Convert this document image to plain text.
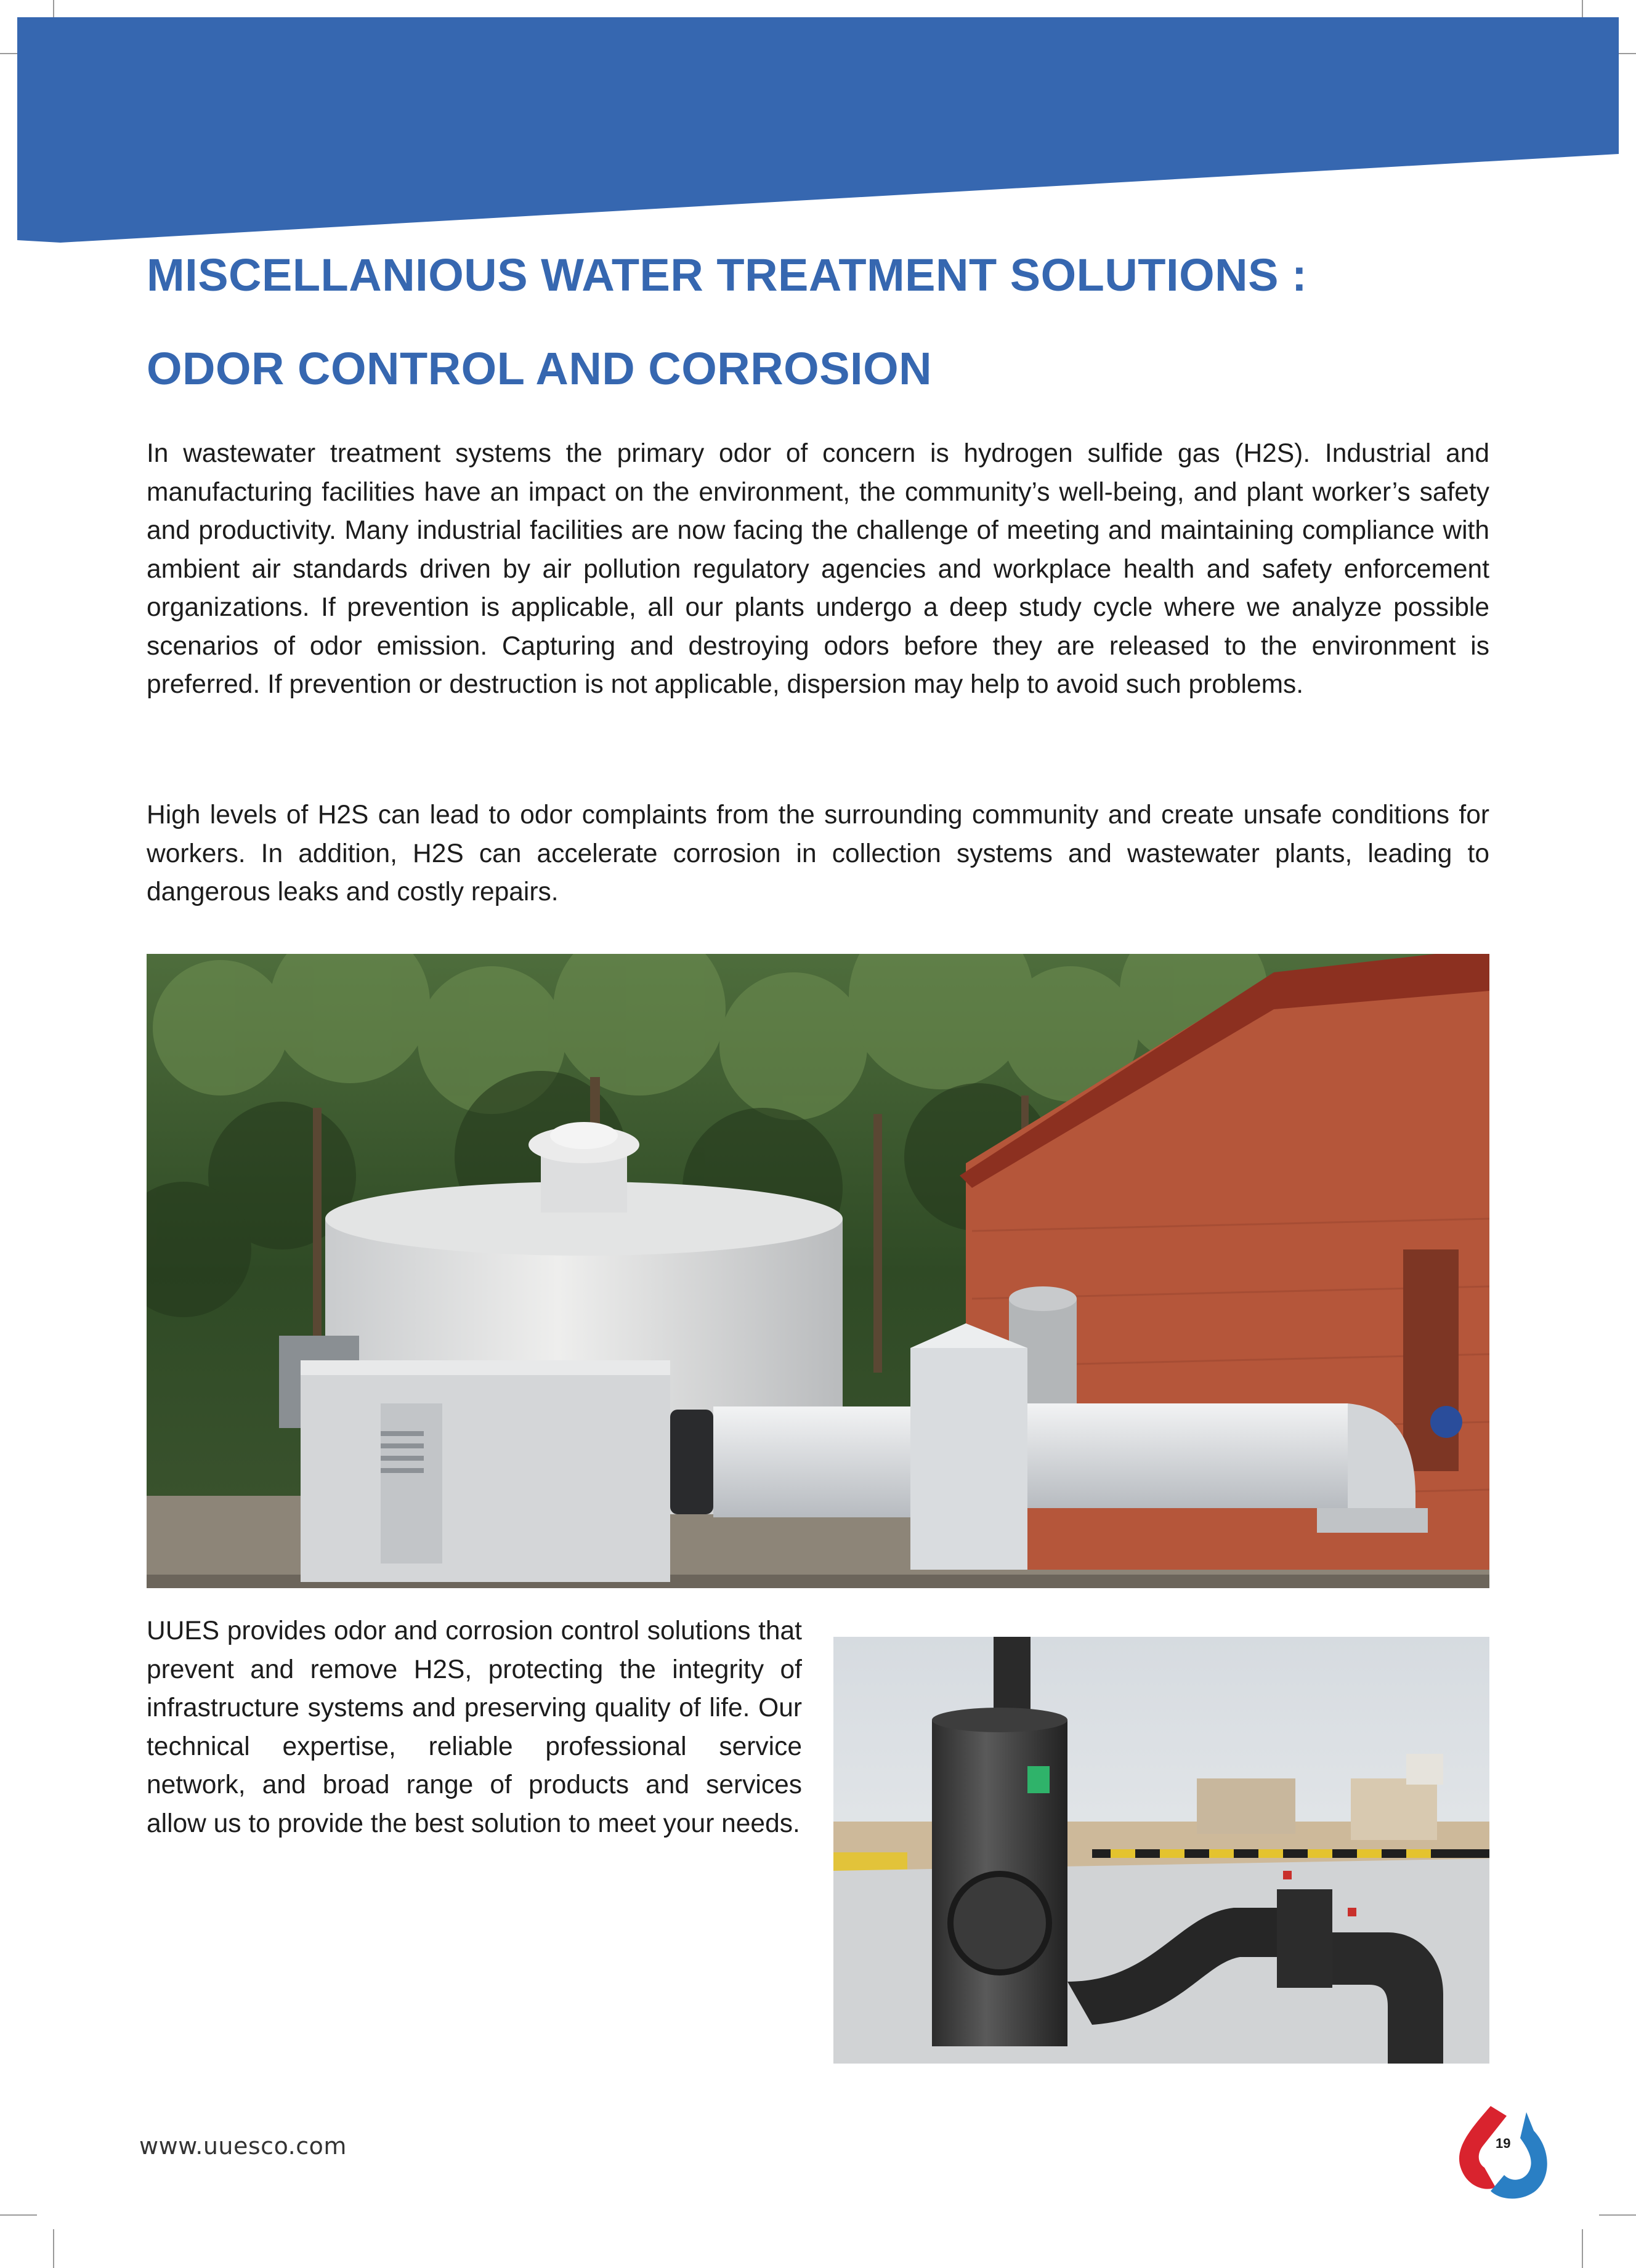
MISCELLANIOUS WATER TREATMENT SOLUTIONS :
ODOR CONTROL AND CORROSION

In wastewater treatment systems the primary odor of concern is hydrogen sulfide gas (H2S). Industrial and manufacturing facilities have an impact on the environment, the community’s well-being, and plant worker’s safety and productivity. Many industrial facilities are now facing the challenge of meeting and maintaining compliance with ambient air standards driven by air pollution regulatory agencies and workplace health and safety enforcement organizations. If prevention is applicable, all our plants undergo a deep study cycle where we analyze possible scenarios of odor emission. Capturing and destroying odors before they are released to the environment is preferred. If prevention or destruction is not applicable, dispersion may help to avoid such problems.

High levels of H2S can lead to odor complaints from the surrounding community and create unsafe conditions for workers. In addition, H2S can accelerate corrosion in collection systems and wastewater plants, leading to dangerous leaks and costly repairs.

UUES provides odor and corrosion control solutions that prevent and remove H2S, protecting the integrity of infrastructure systems and preserving quality of life. Our technical expertise, reliable professional service network, and broad range of products and services allow us to provide the best solution to meet your needs.

www.uuesco.com	19
